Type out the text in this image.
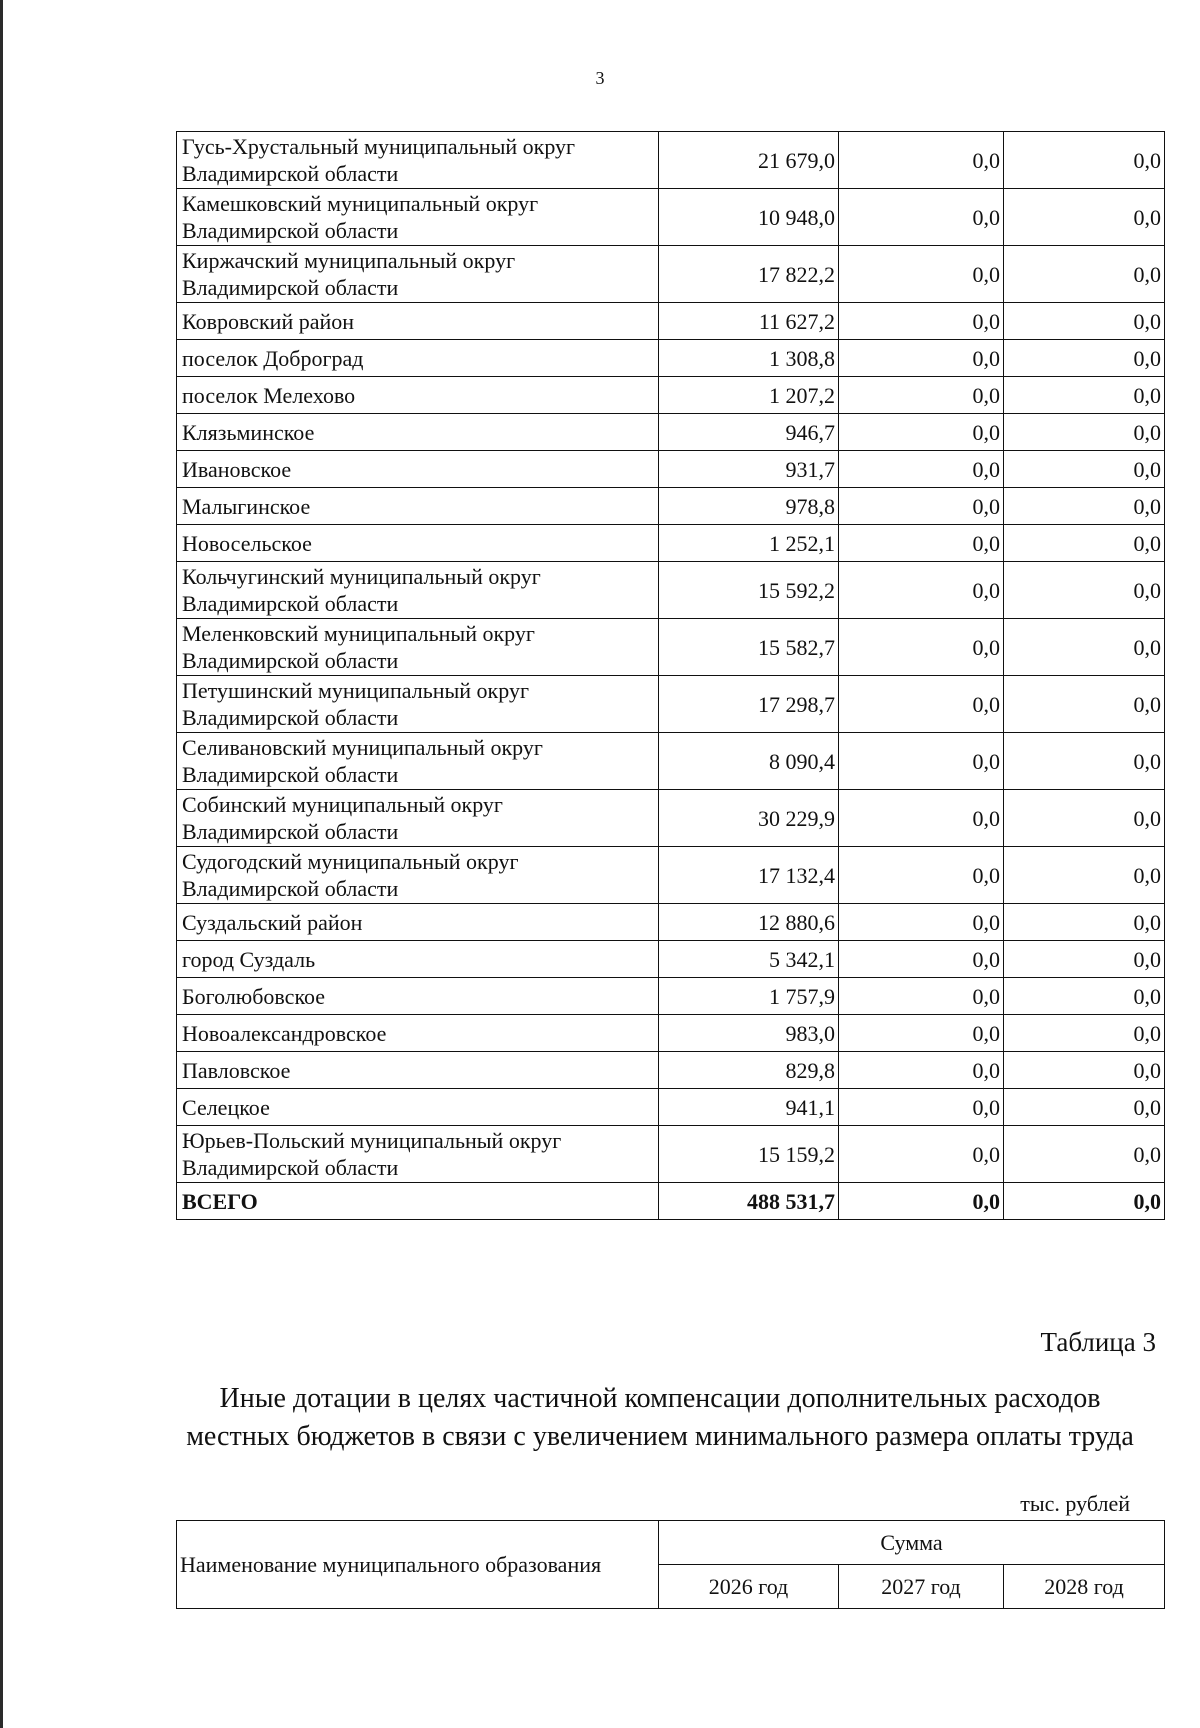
3
Гусь-Хрустальный муниципальный округ
Владимирской области	21 679,0	0,0	0,0

Камешковский муниципальный округ
Владимирской области	10 948,0	0,0	0,0

Киржачский муниципальный округ
Владимирской области	17 822,2	0,0	0,0

Ковровский район	11 627,2	0,0	0,0

поселок Доброград	1 308,8	0,0	0,0

поселок Мелехово	1 207,2	0,0	0,0

Клязьминское	946,7	0,0	0,0

Ивановское	931,7	0,0	0,0

Малыгинское	978,8	0,0	0,0

Новосельское	1 252,1	0,0	0,0

Кольчугинский муниципальный округ
Владимирской области	15 592,2	0,0	0,0

Меленковский муниципальный округ
Владимирской области	15 582,7	0,0	0,0

Петушинский муниципальный округ
Владимирской области	17 298,7	0,0	0,0

Селивановский муниципальный округ
Владимирской области	8 090,4	0,0	0,0

Собинский муниципальный округ
Владимирской области	30 229,9	0,0	0,0

Судогодский муниципальный округ
Владимирской области	17 132,4	0,0	0,0

Суздальский район	12 880,6	0,0	0,0

город Суздаль	5 342,1	0,0	0,0

Боголюбовское	1 757,9	0,0	0,0

Новоалександровское	983,0	0,0	0,0

Павловское	829,8	0,0	0,0

Селецкое	941,1	0,0	0,0

Юрьев-Польский муниципальный округ
Владимирской области	15 159,2	0,0	0,0
ВСЕГО	488 531,7	0,0	0,0
Таблица 3
Иные дотации в целях частичной компенсации дополнительных расходов
местных бюджетов в связи с увеличением минимального размера оплаты труда
тыс. рублей
Наименование муниципального образования	Сумма		
	2026 год	2027 год	2028 год
